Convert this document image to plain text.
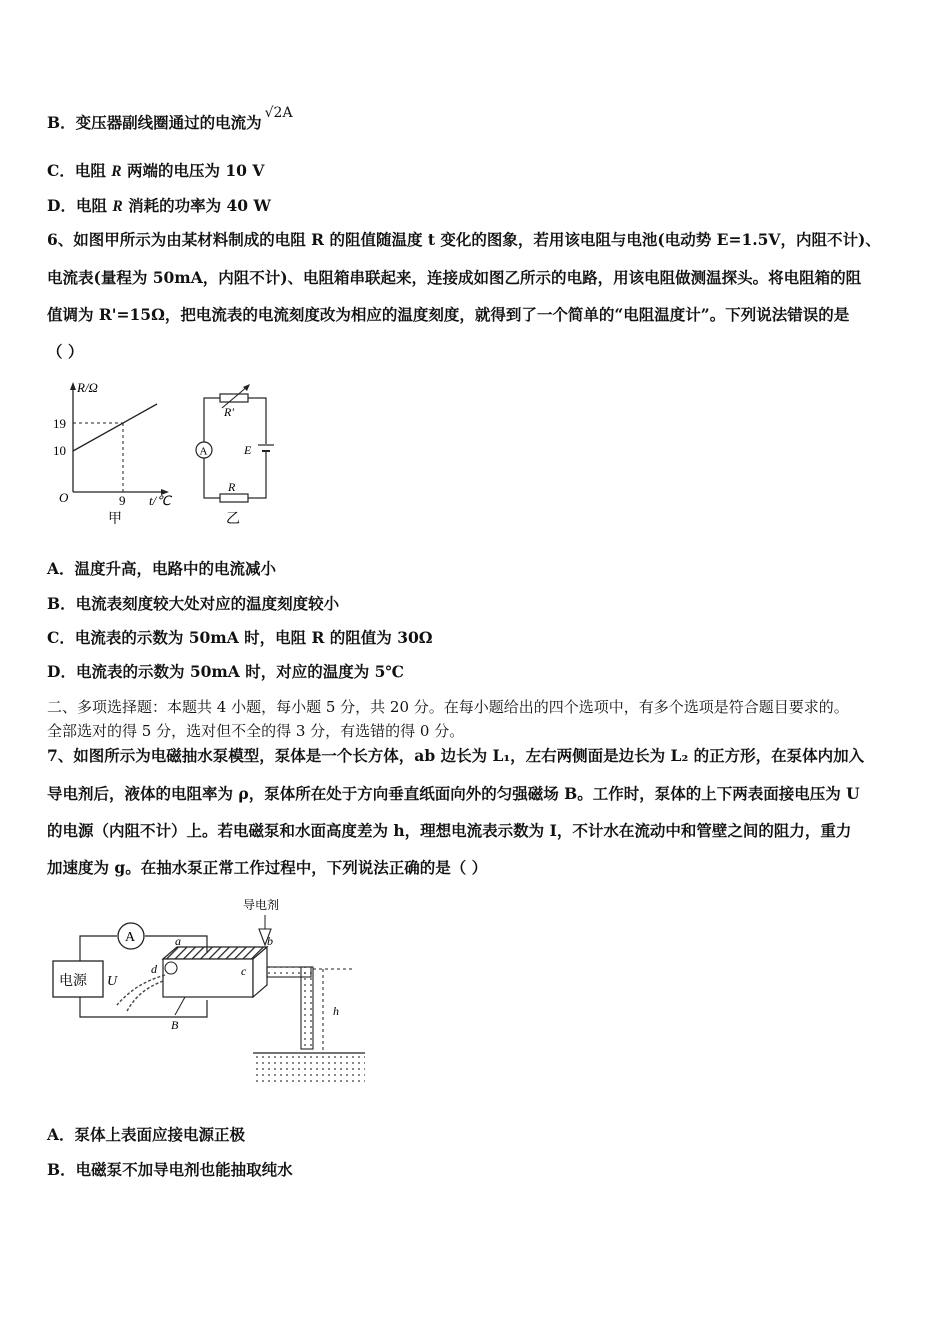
B．变压器副线圈通过的电流为 √2A
C．电阻 R 两端的电压为 10 V
D．电阻 R 消耗的功率为 40 W
6、如图甲所示为由某材料制成的电阻 R 的阻值随温度 t 变化的图象，若用该电阻与电池(电动势 E=1.5V，内阻不计)、
电流表(量程为 50mA，内阻不计)、电阻箱串联起来，连接成如图乙所示的电路，用该电阻做测温探头。将电阻箱的阻
值调为 R'=15Ω，把电流表的电流刻度改为相应的温度刻度，就得到了一个简单的“电阻温度计”。下列说法错误的是
（ ）
R/Ω
19
10
O	9 t/℃
甲
R'
A	E
R
乙
A．温度升高，电路中的电流减小
B．电流表刻度较大处对应的温度刻度较小
C．电流表的示数为 50mA 时，电阻 R 的阻值为 30Ω
D．电流表的示数为 50mA 时，对应的温度为 5℃
二、多项选择题：本题共 4 小题，每小题 5 分，共 20 分。在每小题给出的四个选项中，有多个选项是符合题目要求的。
全部选对的得 5 分，选对但不全的得 3 分，有选错的得 0 分。
7、如图所示为电磁抽水泵模型，泵体是一个长方体，ab 边长为 L₁，左右两侧面是边长为 L₂ 的正方形，在泵体内加入
导电剂后，液体的电阻率为 ρ，泵体所在处于方向垂直纸面向外的匀强磁场 B。工作时，泵体的上下两表面接电压为 U
的电源（内阻不计）上。若电磁泵和水面高度差为 h，理想电流表示数为 I，不计水在流动中和管壁之间的阻力，重力
加速度为 g。在抽水泵正常工作过程中，下列说法正确的是（ ）
A
电源 U
a	b
c
d
B
导电剂
h
A．泵体上表面应接电源正极
B．电磁泵不加导电剂也能抽取纯水
